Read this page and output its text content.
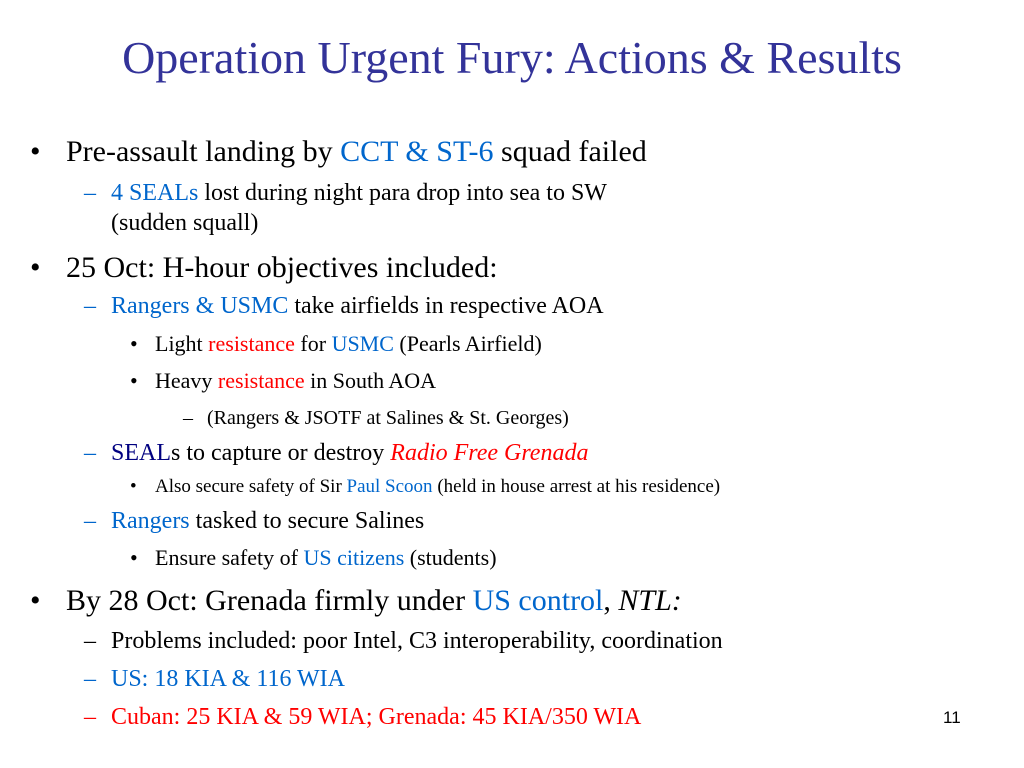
Operation Urgent Fury: Actions & Results
• Pre-assault landing by CCT & ST-6 squad failed
– 4 SEALs lost during night para drop into sea to SW
(sudden squall)
• 25 Oct: H-hour objectives included:
– Rangers & USMC take airfields in respective AOA
• Light resistance for USMC (Pearls Airfield)
• Heavy resistance in South AOA
– (Rangers & JSOTF at Salines & St. Georges)
– SEALs to capture or destroy Radio Free Grenada
• Also secure safety of Sir Paul Scoon (held in house arrest at his residence)
– Rangers tasked to secure Salines
• Ensure safety of US citizens (students)
• By 28 Oct: Grenada firmly under US control, NTL:
– Problems included: poor Intel, C3 interoperability, coordination
– US: 18 KIA & 116 WIA
– Cuban: 25 KIA & 59 WIA; Grenada: 45 KIA/350 WIA	11
